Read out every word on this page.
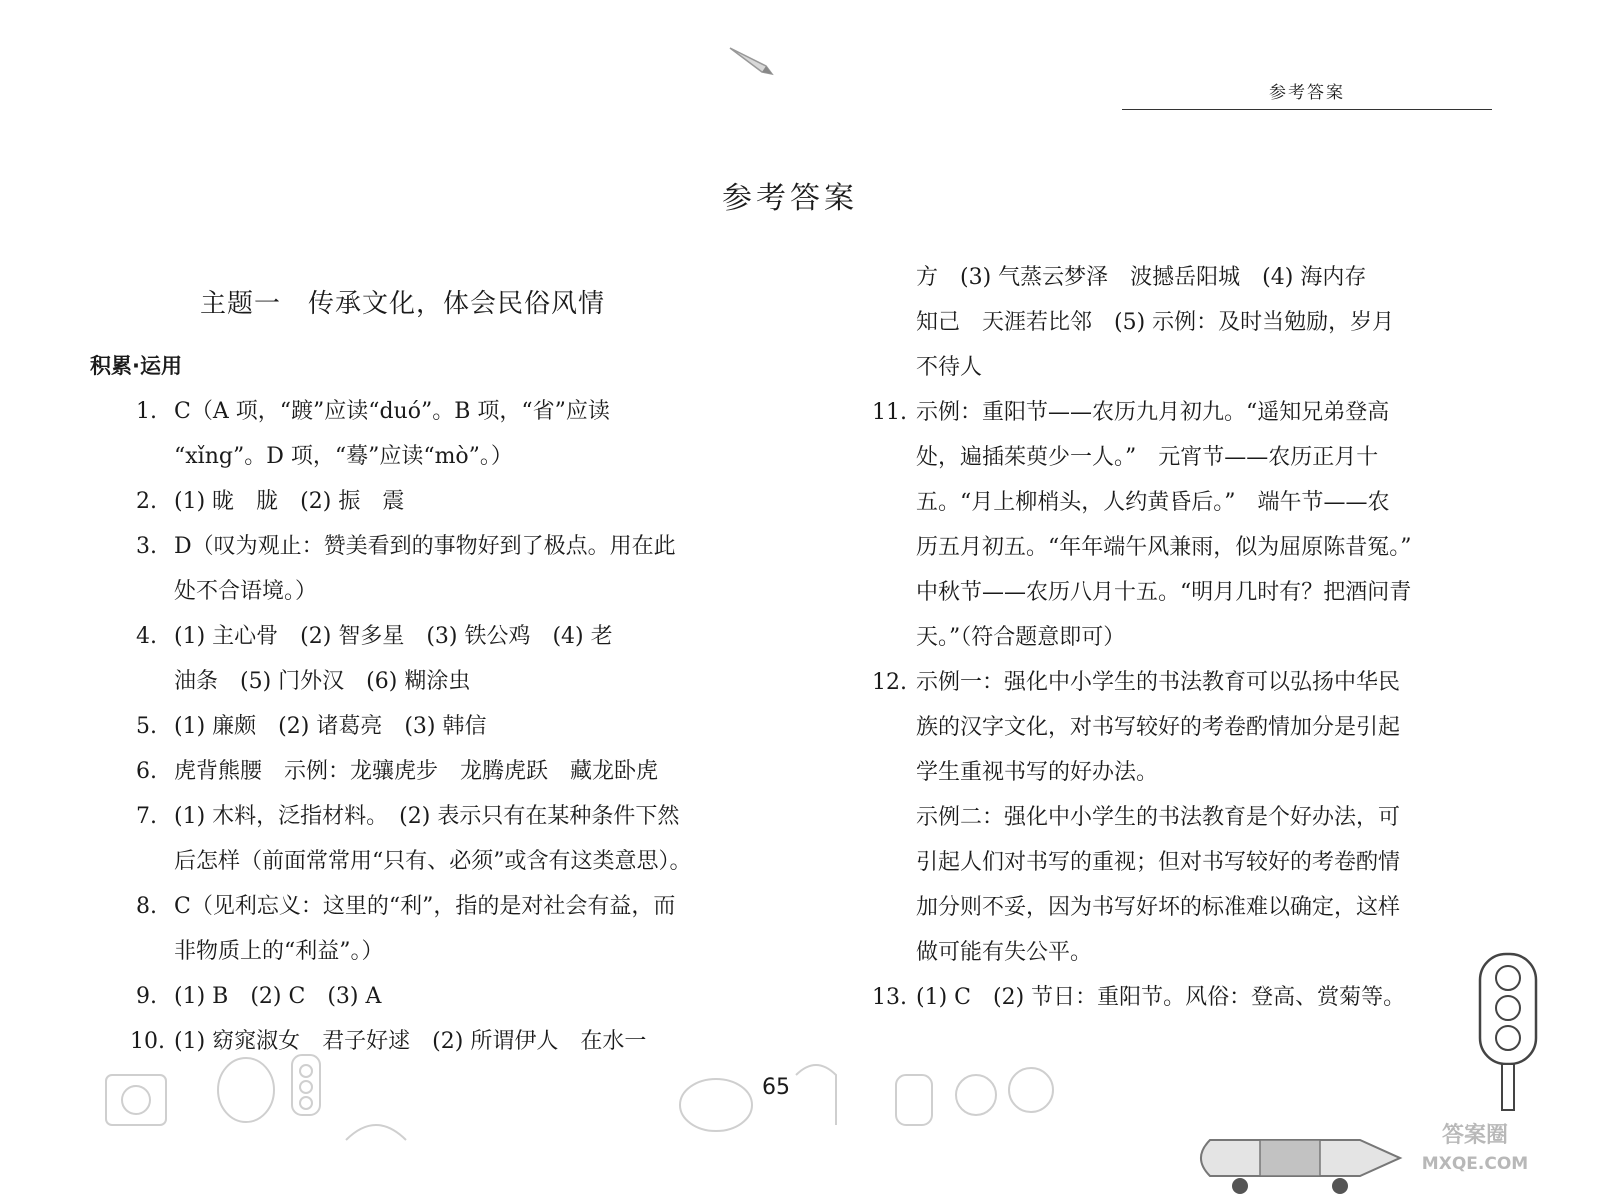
参考答案
参考答案
主题一　传承文化，体会民俗风情
积累·运用
1. C（A 项，“踱”应读“duó”。B 项，“省”应读
“xǐng”。D 项，“蓦”应读“mò”。）
2. (1) 昽　胧　(2) 振　震
3. D（叹为观止：赞美看到的事物好到了极点。用在此
处不合语境。）
4. (1) 主心骨　(2) 智多星　(3) 铁公鸡　(4) 老
油条　(5) 门外汉　(6) 糊涂虫
5. (1) 廉颇　(2) 诸葛亮　(3) 韩信
6. 虎背熊腰　示例：龙骧虎步　龙腾虎跃　藏龙卧虎
7. (1) 木料，泛指材料。　(2) 表示只有在某种条件下然
后怎样（前面常常用“只有、必须”或含有这类意思）。
8. C（见利忘义：这里的“利”，指的是对社会有益，而
非物质上的“利益”。）
9. (1) B　(2) C　(3) A
10. (1) 窈窕淑女　君子好逑　(2) 所谓伊人　在水一
方　(3) 气蒸云梦泽　波撼岳阳城　(4) 海内存
知己　天涯若比邻　(5) 示例：及时当勉励，岁月
不待人
11. 示例：重阳节——农历九月初九。“遥知兄弟登高
处，遍插茱萸少一人。”　元宵节——农历正月十
五。“月上柳梢头，人约黄昏后。”　端午节——农
历五月初五。“年年端午风兼雨，似为屈原陈昔冤。”
中秋节——农历八月十五。“明月几时有？把酒问青
天。”（符合题意即可）
12. 示例一：强化中小学生的书法教育可以弘扬中华民
族的汉字文化，对书写较好的考卷酌情加分是引起
学生重视书写的好办法。
示例二：强化中小学生的书法教育是个好办法，可
引起人们对书写的重视；但对书写较好的考卷酌情
加分则不妥，因为书写好坏的标准难以确定，这样
做可能有失公平。
13. (1) C　(2) 节日：重阳节。风俗：登高、赏菊等。
65
答案圈
MXQE.COM
